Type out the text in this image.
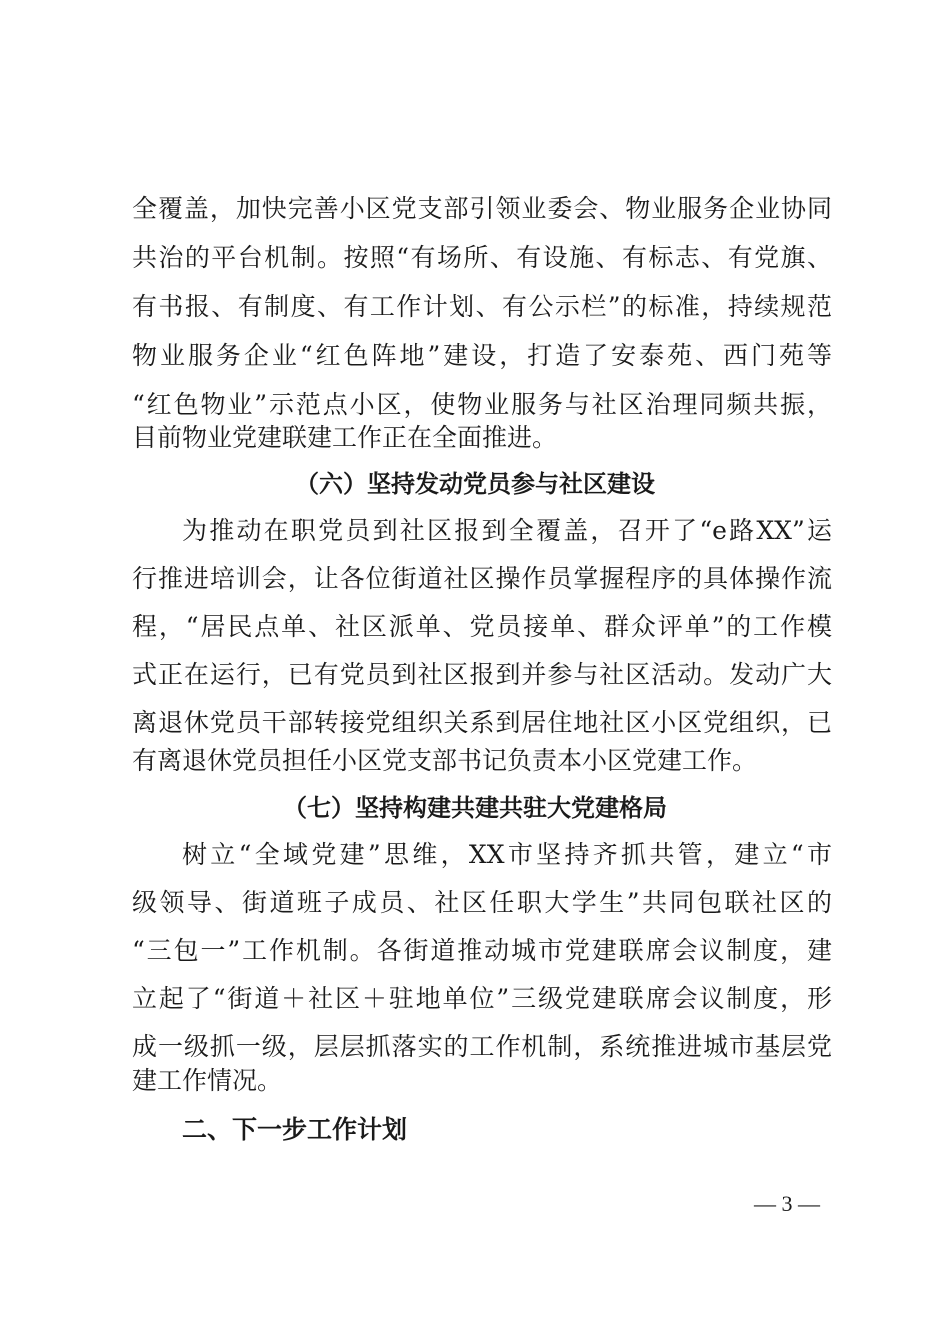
全覆盖，加快完善小区党支部引领业委会、物业服务企业协同
共治的平台机制。按照“有场所、有设施、有标志、有党旗、
有书报、有制度、有工作计划、有公示栏”的标准，持续规范
物业服务企业“红色阵地”建设，打造了安泰苑、西门苑等
“红色物业”示范点小区，使物业服务与社区治理同频共振，
目前物业党建联建工作正在全面推进。
（六）坚持发动党员参与社区建设
为推动在职党员到社区报到全覆盖，召开了“e路XX”运
行推进培训会，让各位街道社区操作员掌握程序的具体操作流
程，“居民点单、社区派单、党员接单、群众评单”的工作模
式正在运行，已有党员到社区报到并参与社区活动。发动广大
离退休党员干部转接党组织关系到居住地社区小区党组织，已
有离退休党员担任小区党支部书记负责本小区党建工作。
（七）坚持构建共建共驻大党建格局
树立“全域党建”思维，XX市坚持齐抓共管，建立“市
级领导、街道班子成员、社区任职大学生”共同包联社区的
“三包一”工作机制。各街道推动城市党建联席会议制度，建
立起了“街道＋社区＋驻地单位”三级党建联席会议制度，形
成一级抓一级，层层抓落实的工作机制，系统推进城市基层党
建工作情况。
二、下一步工作计划
— 3 —
